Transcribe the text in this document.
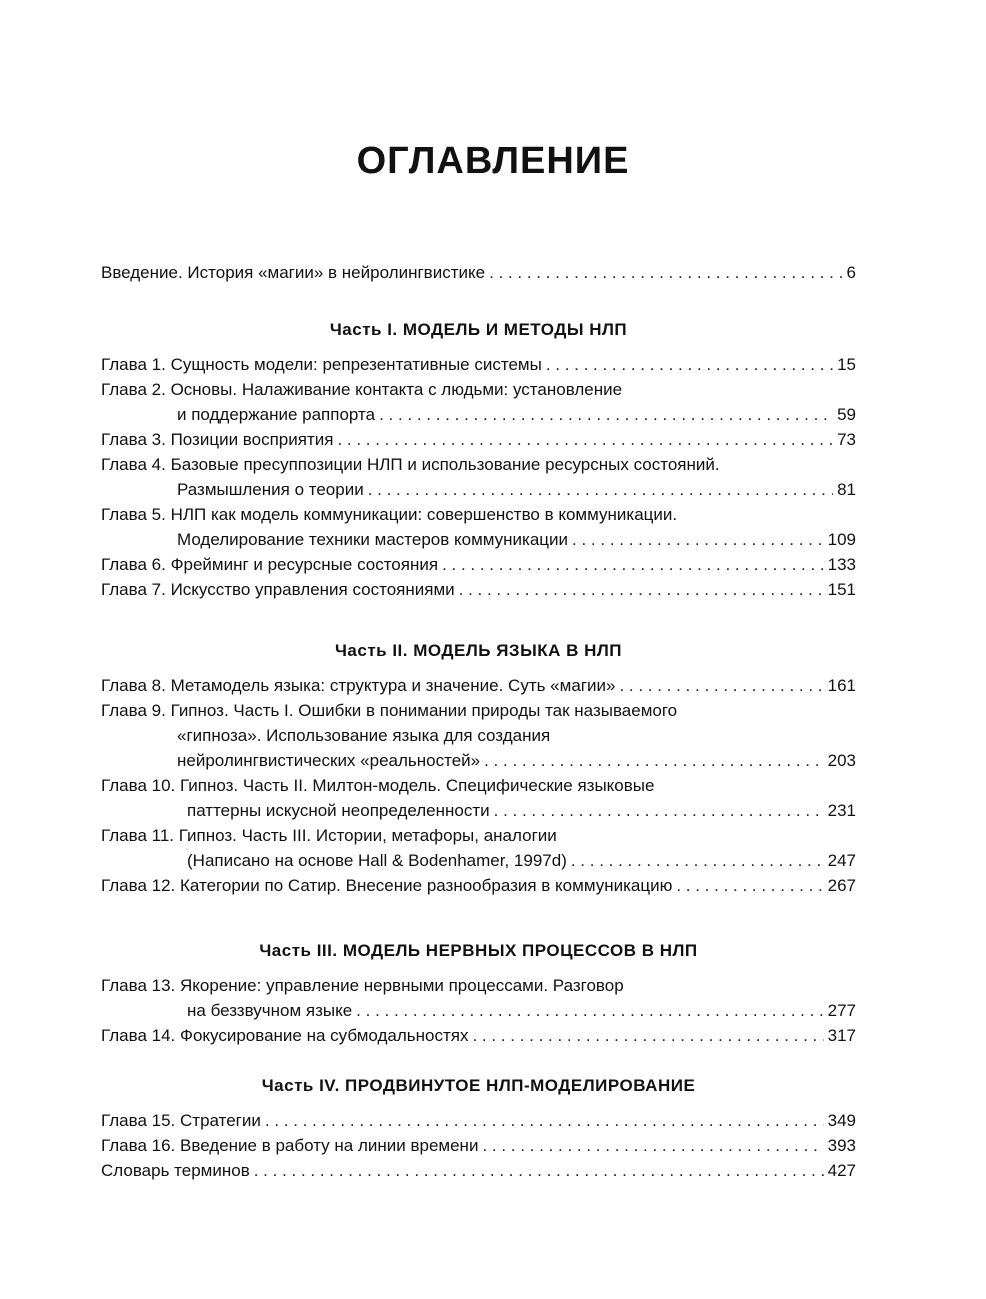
ОГЛАВЛЕНИЕ
Введение. История «магии» в нейролингвистике . . .	6
Часть I. МОДЕЛЬ И МЕТОДЫ НЛП
Глава 1. Сущность модели: репрезентативные системы . . .	15
Глава 2. Основы. Налаживание контакта с людьми: установление
и поддержание раппорта . . .	59
Глава 3. Позиции восприятия . . .	73
Глава 4. Базовые пресуппозиции НЛП и использование ресурсных состояний.
Размышления о теории . . .	81
Глава 5. НЛП как модель коммуникации: совершенство в коммуникации.
Моделирование техники мастеров коммуникации . . .	109
Глава 6. Фрейминг и ресурсные состояния . . .	133
Глава 7. Искусство управления состояниями . . .	151
Часть II. МОДЕЛЬ ЯЗЫКА В НЛП
Глава 8. Метамодель языка: структура и значение. Суть «магии» . . .	161
Глава 9. Гипноз. Часть I. Ошибки в понимании природы так называемого
«гипноза». Использование языка для создания
нейролингвистических «реальностей» . . .	203
Глава 10. Гипноз. Часть II. Милтон-модель. Специфические языковые
паттерны искусной неопределенности . . .	231
Глава 11. Гипноз. Часть III. Истории, метафоры, аналогии
(Написано на основе Hall & Bodenhamer, 1997d) . . .	247
Глава 12. Категории по Сатир. Внесение разнообразия в коммуникацию . . .	267
Часть III. МОДЕЛЬ НЕРВНЫХ ПРОЦЕССОВ В НЛП
Глава 13. Якорение: управление нервными процессами. Разговор
на беззвучном языке . . .	277
Глава 14. Фокусирование на субмодальностях . . .	317
Часть IV. ПРОДВИНУТОЕ НЛП-МОДЕЛИРОВАНИЕ
Глава 15. Стратегии . . .	349
Глава 16. Введение в работу на линии времени . . .	393
Словарь терминов . . .	427
